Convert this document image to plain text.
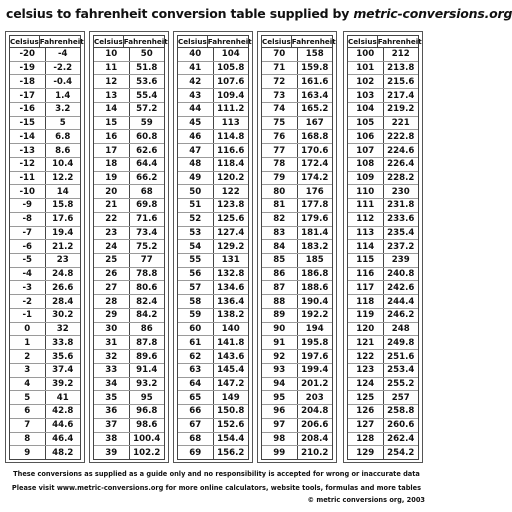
celsius to fahrenheit conversion table supplied by metric-conversions.org
Celsius Fahrenheit
-20	-4
-19	-2.2
-18	-0.4
-17	1.4
-16	3.2
-15	5
-14	6.8
-13	8.6
-12	10.4
-11	12.2
-10	14
-9	15.8
-8	17.6
-7	19.4
-6	21.2
-5	23
-4	24.8
-3	26.6
-2	28.4
-1	30.2
0	32
1	33.8
2	35.6
3	37.4
4	39.2
5	41
6	42.8
7	44.6
8	46.4
9	48.2
Celsius Fahrenheit
10	50
11	51.8
12	53.6
13	55.4
14	57.2
15	59
16	60.8
17	62.6
18	64.4
19	66.2
20	68
21	69.8
22	71.6
23	73.4
24	75.2
25	77
26	78.8
27	80.6
28	82.4
29	84.2
30	86
31	87.8
32	89.6
33	91.4
34	93.2
35	95
36	96.8
37	98.6
38	100.4
39	102.2
Celsius Fahrenheit
40	104
41	105.8
42	107.6
43	109.4
44	111.2
45	113
46	114.8
47	116.6
48	118.4
49	120.2
50	122
51	123.8
52	125.6
53	127.4
54	129.2
55	131
56	132.8
57	134.6
58	136.4
59	138.2
60	140
61	141.8
62	143.6
63	145.4
64	147.2
65	149
66	150.8
67	152.6
68	154.4
69	156.2
Celsius Fahrenheit
70	158
71	159.8
72	161.6
73	163.4
74	165.2
75	167
76	168.8
77	170.6
78	172.4
79	174.2
80	176
81	177.8
82	179.6
83	181.4
84	183.2
85	185
86	186.8
87	188.6
88	190.4
89	192.2
90	194
91	195.8
92	197.6
93	199.4
94	201.2
95	203
96	204.8
97	206.6
98	208.4
99	210.2
Celsius Fahrenheit
100	212
101	213.8
102	215.6
103	217.4
104	219.2
105	221
106	222.8
107	224.6
108	226.4
109	228.2
110	230
111	231.8
112	233.6
113	235.4
114	237.2
115	239
116	240.8
117	242.6
118	244.4
119	246.2
120	248
121	249.8
122	251.6
123	253.4
124	255.2
125	257
126	258.8
127	260.6
128	262.4
129	254.2
These conversions as supplied as a guide only and no responsibility is accepted for wrong or inaccurate data
Please visit www.metric-conversions.org for more online calculators, website tools, formulas and more tables
© metric conversions org, 2003
